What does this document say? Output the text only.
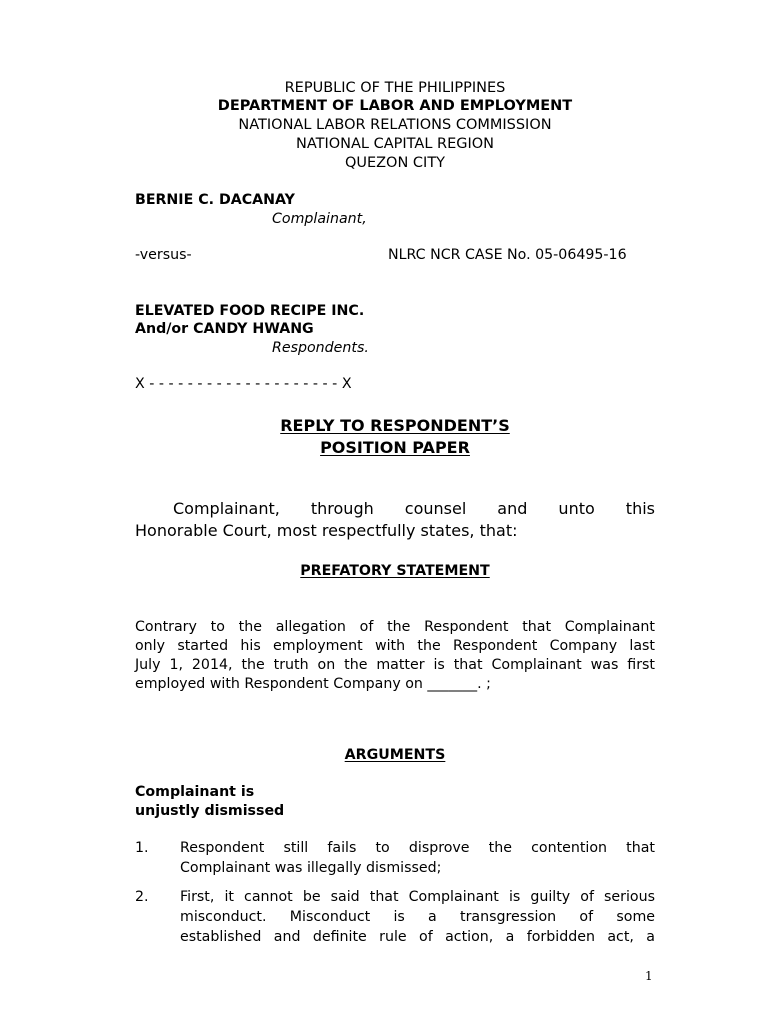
REPUBLIC OF THE PHILIPPINES
DEPARTMENT OF LABOR AND EMPLOYMENT
NATIONAL LABOR RELATIONS COMMISSION
NATIONAL CAPITAL REGION
QUEZON CITY
BERNIE C. DACANAY
Complainant,
-versus-	NLRC NCR CASE No. 05-06495-16
ELEVATED FOOD RECIPE INC.
And/or CANDY HWANG
Respondents.
X - - - - - - - - - - - - - - - - - - - - X
REPLY TO RESPONDENT’S
POSITION PAPER
Complainant, through counsel and unto this
Honorable Court, most respectfully states, that:
PREFATORY STATEMENT
Contrary to the allegation of the Respondent that Complainant
only started his employment with the Respondent Company last
July 1, 2014, the truth on the matter is that Complainant was first
employed with Respondent Company on _______. ;
ARGUMENTS
Complainant is
unjustly dismissed
1. Respondent still fails to disprove the contention that
Complainant was illegally dismissed;
2. First, it cannot be said that Complainant is guilty of serious
misconduct. Misconduct is a transgression of some
established and definite rule of action, a forbidden act, a
1
